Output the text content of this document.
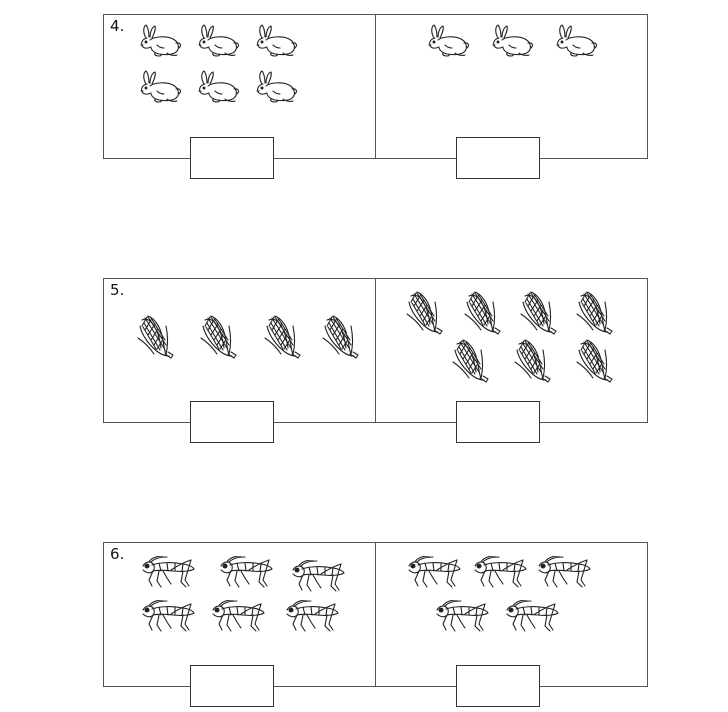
4.
5.
6.
